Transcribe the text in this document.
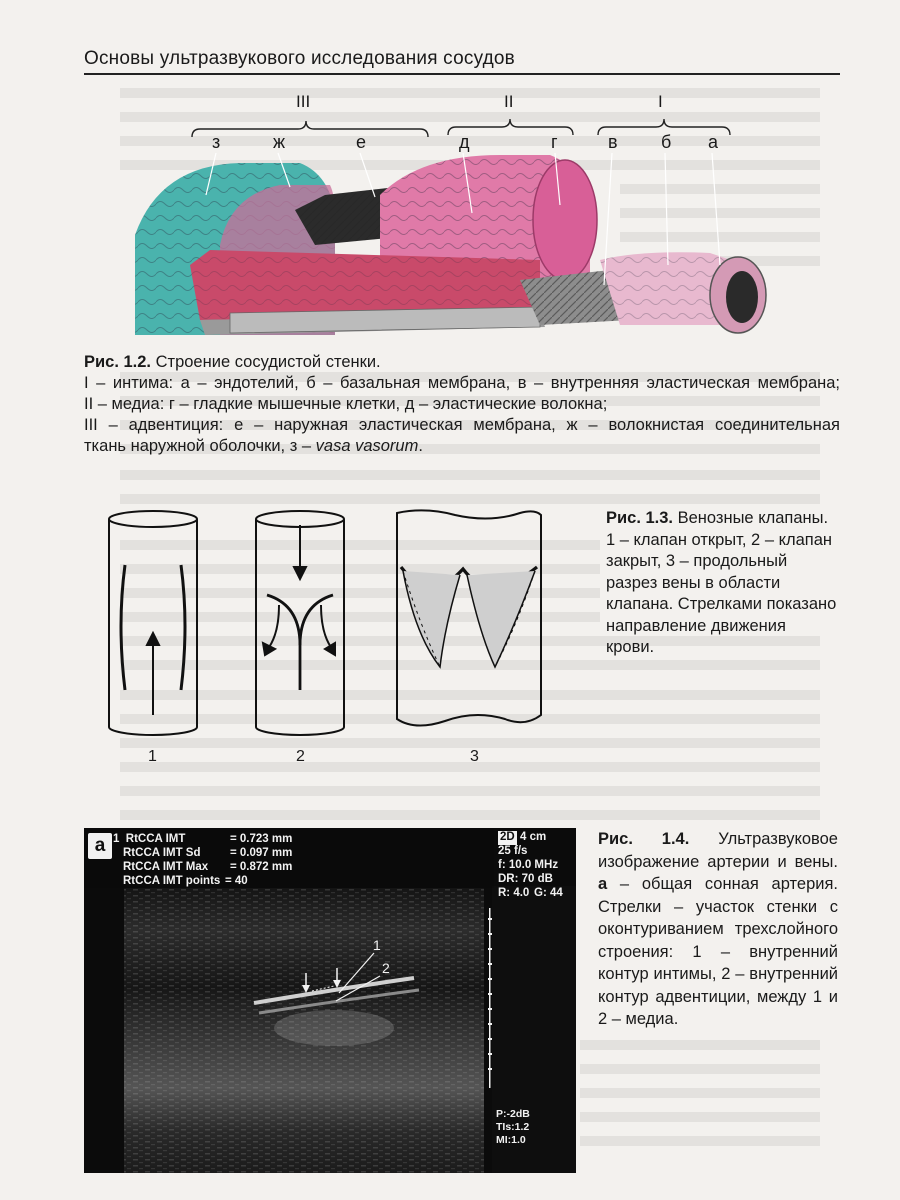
Основы ультразвукового исследования сосудов
III	II	I
з	ж	е	д	г	в б а
Рис. 1.2. Строение сосудистой стенки.
I – интима: а – эндотелий, б – базальная мембрана, в – внутренняя эластическая мембрана;
II – медиа: г – гладкие мышечные клетки, д – эластические волокна;
III – адвентиция: е – наружная эластическая мембрана, ж – волокнистая соединительная
ткань наружной оболочки, з – vasa vasorum.
1	2	3
Рис. 1.3. Венозные клапаны. 1 – клапан открыт, 2 – клапан закрыт, 3 – продольный разрез вены в области клапана. Стрелками показано направление движения крови.
1  RtCCA IMT	= 0.723 mm
RtCCA IMT Sd	= 0.097 mm
RtCCA IMT Max = 0.872 mm
RtCCA IMT points = 40
2D 4 cm
25 f/s
f: 10.0 MHz
DR: 70 dB
R: 4.0 G: 44
P:-2dB
TIs:1.2
MI:1.0
1
2
а	Рис. 1.4. Ультразвуковое изображение артерии и вены. а – общая сонная артерия. Стрелки – участок стенки с оконтуриванием трехслойного строения: 1 – внутренний контур интимы, 2 – внутренний контур адвентиции, между 1 и 2 – медиа.
